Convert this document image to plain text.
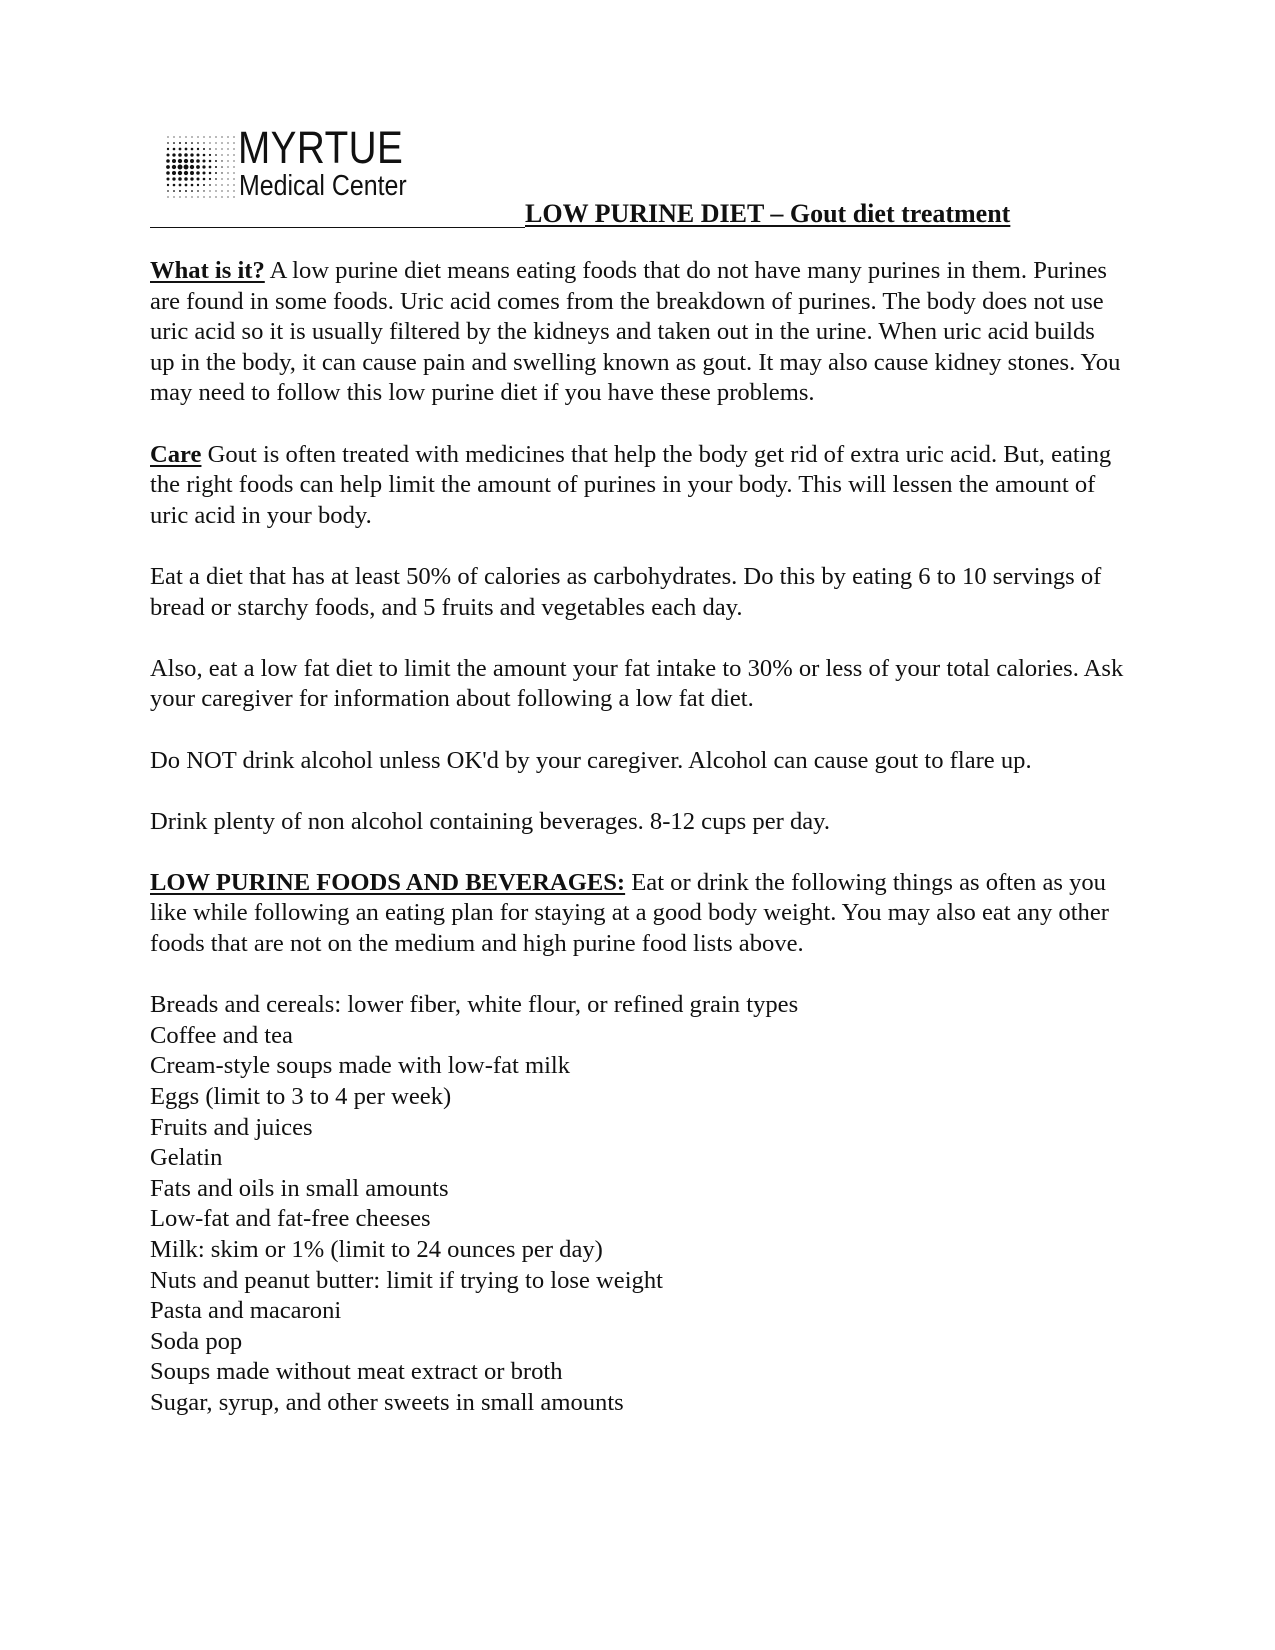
MYRTUE
Medical Center
LOW PURINE DIET – Gout diet treatment

What is it? A low purine diet means eating foods that do not have many purines in them. Purines are found in some foods. Uric acid comes from the breakdown of purines. The body does not use uric acid so it is usually filtered by the kidneys and taken out in the urine. When uric acid builds up in the body, it can cause pain and swelling known as gout. It may also cause kidney stones. You may need to follow this low purine diet if you have these problems.

Care Gout is often treated with medicines that help the body get rid of extra uric acid. But, eating the right foods can help limit the amount of purines in your body. This will lessen the amount of uric acid in your body.

Eat a diet that has at least 50% of calories as carbohydrates. Do this by eating 6 to 10 servings of bread or starchy foods, and 5 fruits and vegetables each day.

Also, eat a low fat diet to limit the amount your fat intake to 30% or less of your total calories. Ask your caregiver for information about following a low fat diet.

Do NOT drink alcohol unless OK'd by your caregiver. Alcohol can cause gout to flare up.

Drink plenty of non alcohol containing beverages. 8-12 cups per day.

LOW PURINE FOODS AND BEVERAGES: Eat or drink the following things as often as you like while following an eating plan for staying at a good body weight. You may also eat any other foods that are not on the medium and high purine food lists above.

Breads and cereals: lower fiber, white flour, or refined grain types
Coffee and tea
Cream-style soups made with low-fat milk
Eggs (limit to 3 to 4 per week)
Fruits and juices
Gelatin
Fats and oils in small amounts
Low-fat and fat-free cheeses
Milk: skim or 1% (limit to 24 ounces per day)
Nuts and peanut butter: limit if trying to lose weight
Pasta and macaroni
Soda pop
Soups made without meat extract or broth
Sugar, syrup, and other sweets in small amounts
